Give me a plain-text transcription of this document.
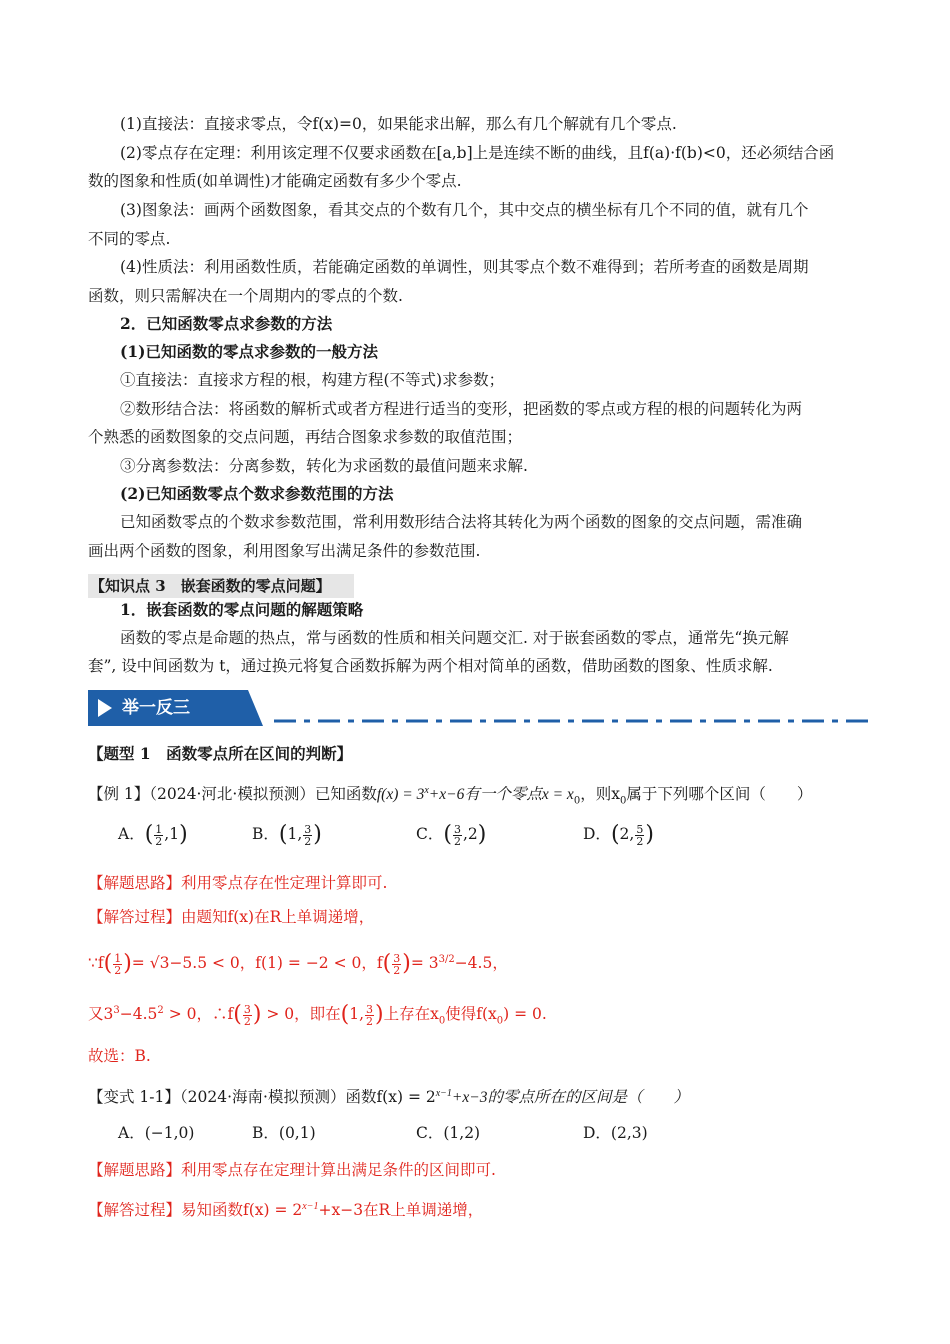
(1)直接法：直接求零点，令f(x)=0，如果能求出解，那么有几个解就有几个零点.
(2)零点存在定理：利用该定理不仅要求函数在[a,b]上是连续不断的曲线，且f(a)·f(b)<0，还必须结合函
数的图象和性质(如单调性)才能确定函数有多少个零点.
(3)图象法：画两个函数图象，看其交点的个数有几个，其中交点的横坐标有几个不同的值，就有几个
不同的零点.
(4)性质法：利用函数性质，若能确定函数的单调性，则其零点个数不难得到；若所考查的函数是周期
函数，则只需解决在一个周期内的零点的个数.
2．已知函数零点求参数的方法
(1)已知函数的零点求参数的一般方法
①直接法：直接求方程的根，构建方程(不等式)求参数；
②数形结合法：将函数的解析式或者方程进行适当的变形，把函数的零点或方程的根的问题转化为两
个熟悉的函数图象的交点问题，再结合图象求参数的取值范围；
③分离参数法：分离参数，转化为求函数的最值问题来求解.
(2)已知函数零点个数求参数范围的方法
已知函数零点的个数求参数范围，常利用数形结合法将其转化为两个函数的图象的交点问题，需准确
画出两个函数的图象，利用图象写出满足条件的参数范围.
【知识点 3　嵌套函数的零点问题】
1．嵌套函数的零点问题的解题策略
函数的零点是命题的热点，常与函数的性质和相关问题交汇. 对于嵌套函数的零点，通常先“换元解
套”, 设中间函数为 t，通过换元将复合函数拆解为两个相对简单的函数，借助函数的图象、性质求解.
举一反三
【题型 1　函数零点所在区间的判断】
【例 1】（2024·河北·模拟预测）已知函数$f(x) = 3^x+x-6$有一个零点$x = x_0$，则$x_0$属于下列哪个区间（　　）
A．( $\frac{1}{2} ,1$)	B．(1, $\frac{3}{2}$ )	C．( $\frac{3}{2} ,2$)	D．(2, $\frac{5}{2}$ )
【解题思路】利用零点存在性定理计算即可.
【解答过程】由题知f(x)在R上单调递增，
∵f( $\frac{1}{2}$ )= √3−5.5 < 0，f(1) = −2 < 0，$f( \frac{3}{2}$ )= $3^{3/2}-4.5$，
又$3^3-4.5^2 > 0$，∴f( $\frac{3}{2}$ ) > 0，即在(1, $\frac{3}{2}$ )上存在$x_0$使得$f(x_0) = 0$.
故选：B.
【变式 1-1】（2024·海南·模拟预测）函数$f(x) = 2^{x-1}+x-3$的零点所在的区间是（　　）
A．(−1,0)	B．(0,1)	C．(1,2)	D．(2,3)
【解题思路】利用零点存在定理计算出满足条件的区间即可.
【解答过程】易知函数$f(x) = 2^{x-1}+x-3$在R上单调递增，
